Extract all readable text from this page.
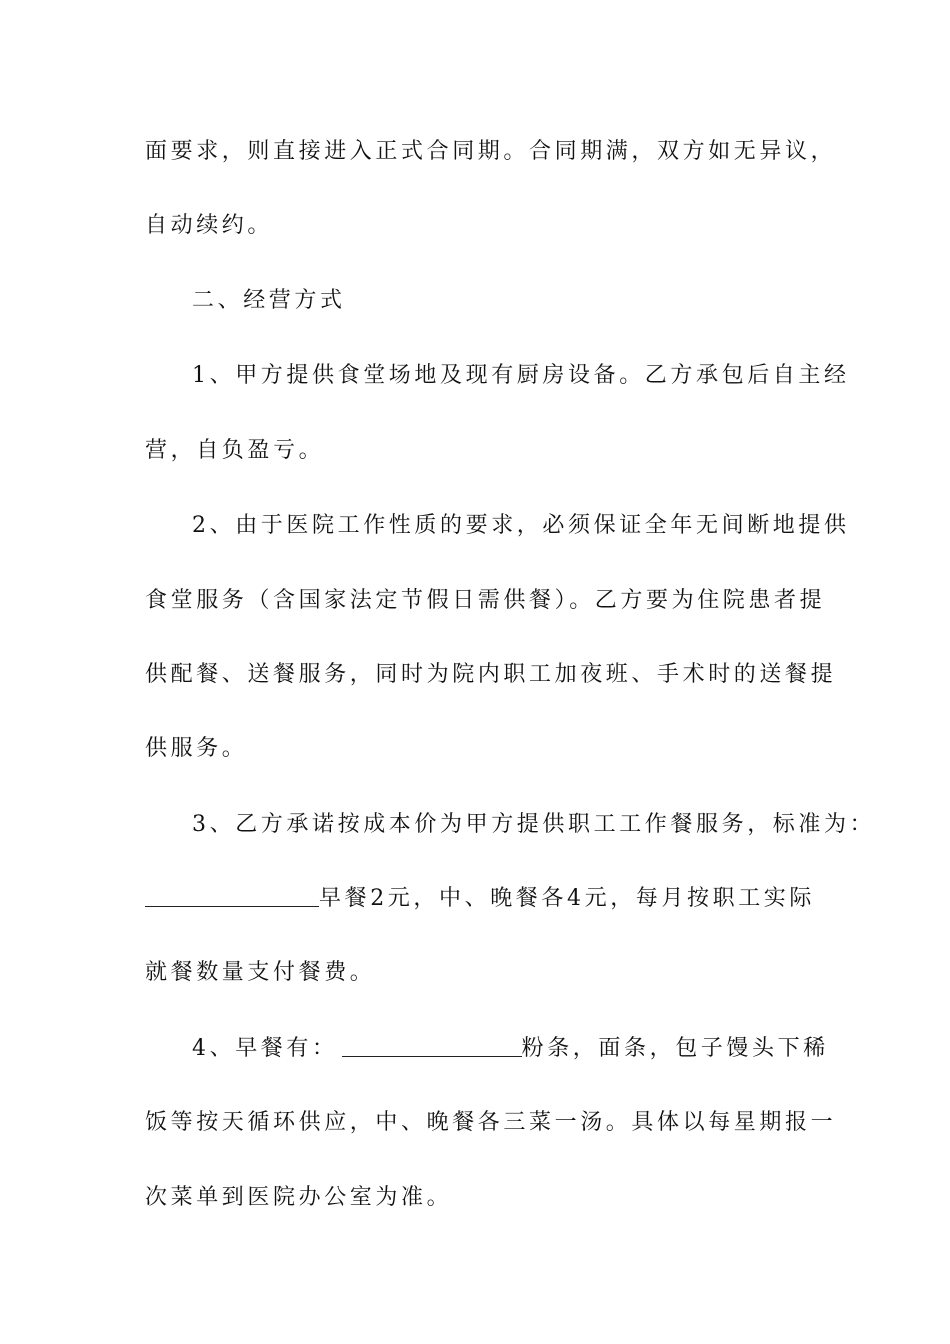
面要求，则直接进入正式合同期。合同期满，双方如无异议，
自动续约。
二、经营方式
1、甲方提供食堂场地及现有厨房设备。乙方承包后自主经
营，自负盈亏。
2、由于医院工作性质的要求，必须保证全年无间断地提供
食堂服务（含国家法定节假日需供餐）。乙方要为住院患者提
供配餐、送餐服务，同时为院内职工加夜班、手术时的送餐提
供服务。
3、乙方承诺按成本价为甲方提供职工工作餐服务，标准为：
早餐2元，中、晚餐各4元，每月按职工实际
就餐数量支付餐费。
4、早餐有：	粉条，面条，包子馒头下稀
饭等按天循环供应，中、晚餐各三菜一汤。具体以每星期报一
次菜单到医院办公室为准。
